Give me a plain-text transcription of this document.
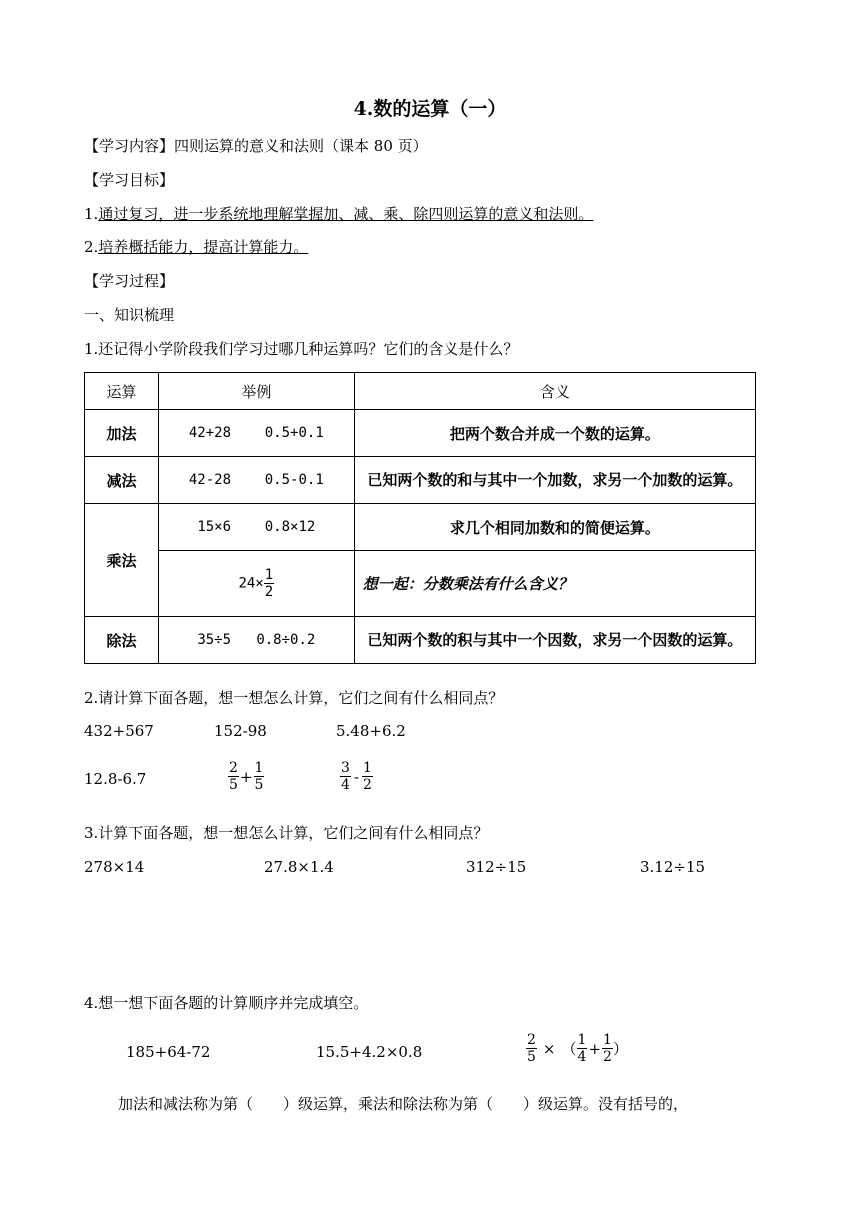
4.数的运算（一）
【学习内容】四则运算的意义和法则（课本 80 页）
【学习目标】
1.通过复习，进一步系统地理解掌握加、减、乘、除四则运算的意义和法则。
2.培养概括能力，提高计算能力。
【学习过程】
一、知识梳理
1.还记得小学阶段我们学习过哪几种运算吗？它们的含义是什么？
运算	举例	含义
加法	42+28 0.5+0.1	把两个数合并成一个数的运算。
减法	42-28 0.5-0.1	已知两个数的和与其中一个加数，求另一个加数的运算。
乘法	15×6 0.8×12	求几个相同加数和的简便运算。
	$24\times \frac{1}{2}$	想一起：分数乘法有什么含义？
除法	35÷5 0.8÷0.2	已知两个数的积与其中一个因数，求另一个因数的运算。
2.请计算下面各题，想一想怎么计算，它们之间有什么相同点？
432+567	152-98	5.48+6.2
12.8-6.7	$\frac{2}{5} + \frac{1}{5}$	$\frac{3}{4} - \frac{1}{2}$
3.计算下面各题，想一想怎么计算，它们之间有什么相同点？
278×14	27.8×1.4	312÷15	3.12÷15
4.想一想下面各题的计算顺序并完成填空。
185+64-72	15.5+4.2×0.8	$\frac{2}{5}$ × （ $\frac{1}{4} + \frac{1}{2}$ ）
加法和减法称为第（　　）级运算，乘法和除法称为第（　　）级运算。没有括号的，
